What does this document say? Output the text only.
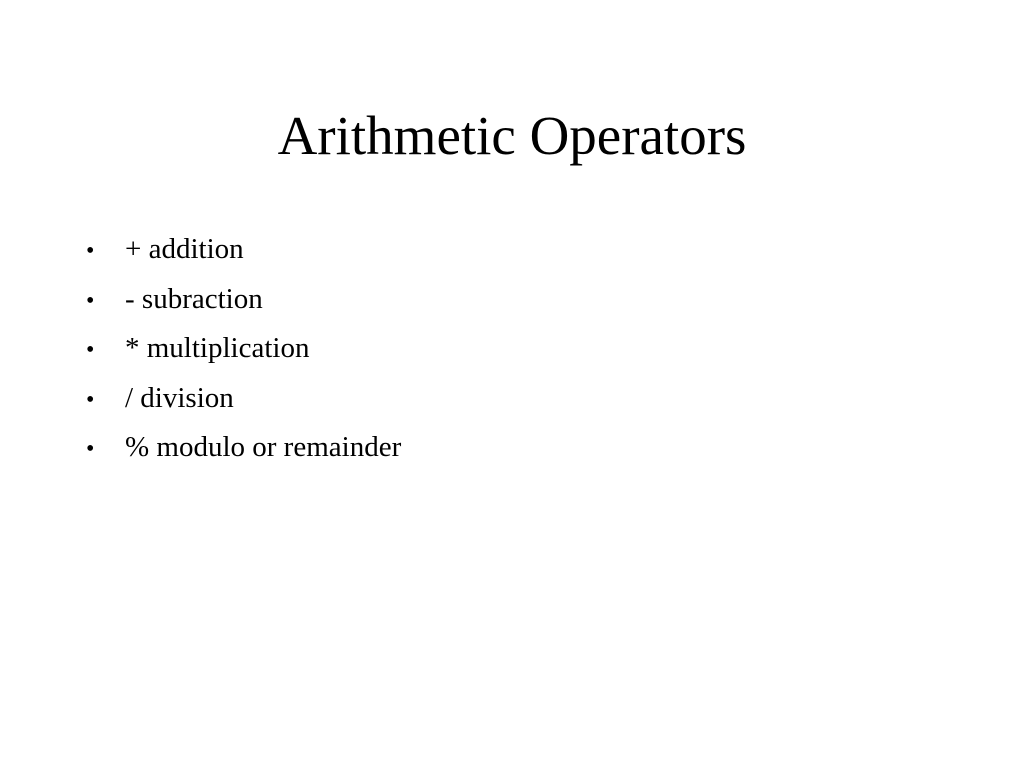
Arithmetic Operators
•	+ addition
•	- subraction
•	* multiplication
•	/ division
•	% modulo or remainder
